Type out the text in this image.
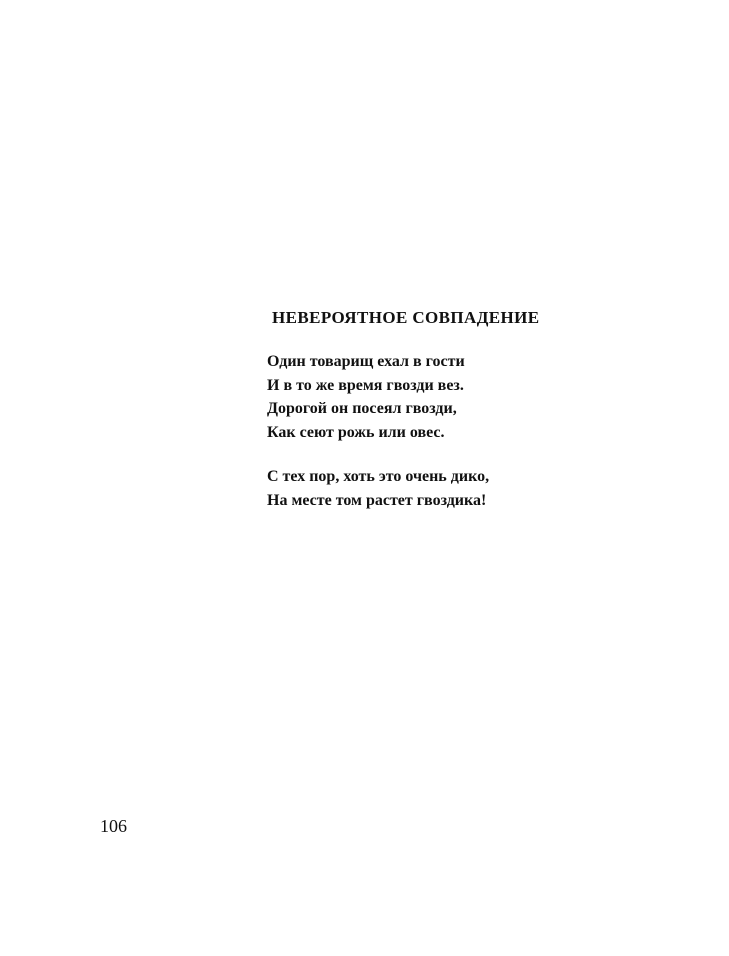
НЕВЕРОЯТНОЕ СОВПАДЕНИЕ
Один товарищ ехал в гости
И в то же время гвозди вез.
Дорогой он посеял гвозди,
Как сеют рожь или овес.
С тех пор, хоть это очень дико,
На месте том растет гвоздика!
106
